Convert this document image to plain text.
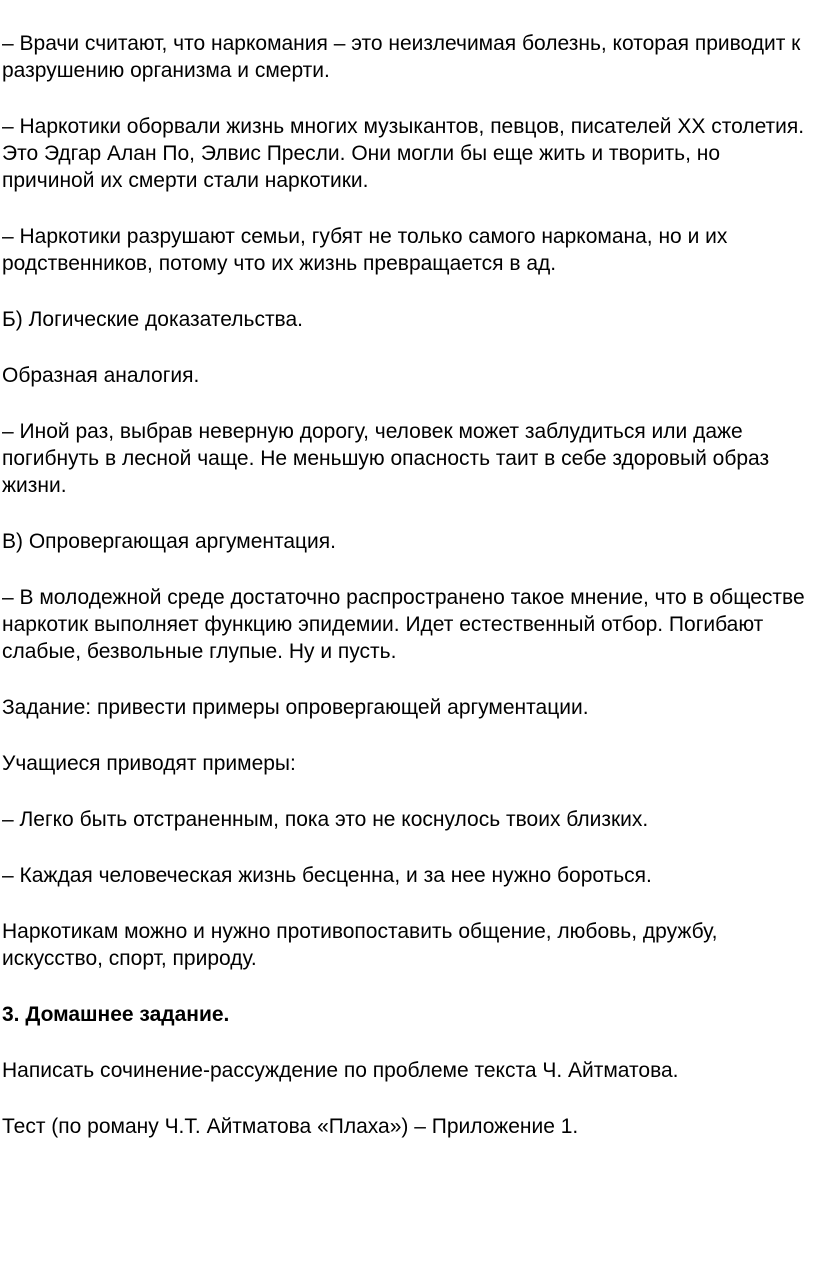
– Врачи считают, что наркомания – это неизлечимая болезнь, которая приводит к разрушению организма и смерти.

– Наркотики оборвали жизнь многих музыкантов, певцов, писателей XX столетия. Это Эдгар Алан По, Элвис Пресли. Они могли бы еще жить и творить, но причиной их смерти стали наркотики.

– Наркотики разрушают семьи, губят не только самого наркомана, но и их родственников, потому что их жизнь превращается в ад.

Б) Логические доказательства.

Образная аналогия.

– Иной раз, выбрав неверную дорогу, человек может заблудиться или даже погибнуть в лесной чаще. Не меньшую опасность таит в себе здоровый образ жизни.

В) Опровергающая аргументация.

– В молодежной среде достаточно распространено такое мнение, что в обществе наркотик выполняет функцию эпидемии. Идет естественный отбор. Погибают слабые, безвольные глупые. Ну и пусть.

Задание: привести примеры опровергающей аргументации.

Учащиеся приводят примеры:

– Легко быть отстраненным, пока это не коснулось твоих близких.

– Каждая человеческая жизнь бесценна, и за нее нужно бороться.

Наркотикам можно и нужно противопоставить общение, любовь, дружбу, искусство, спорт, природу.

3. Домашнее задание.

Написать сочинение-рассуждение по проблеме текста Ч. Айтматова.

Тест (по роману Ч.Т. Айтматова «Плаха») – Приложение 1.
